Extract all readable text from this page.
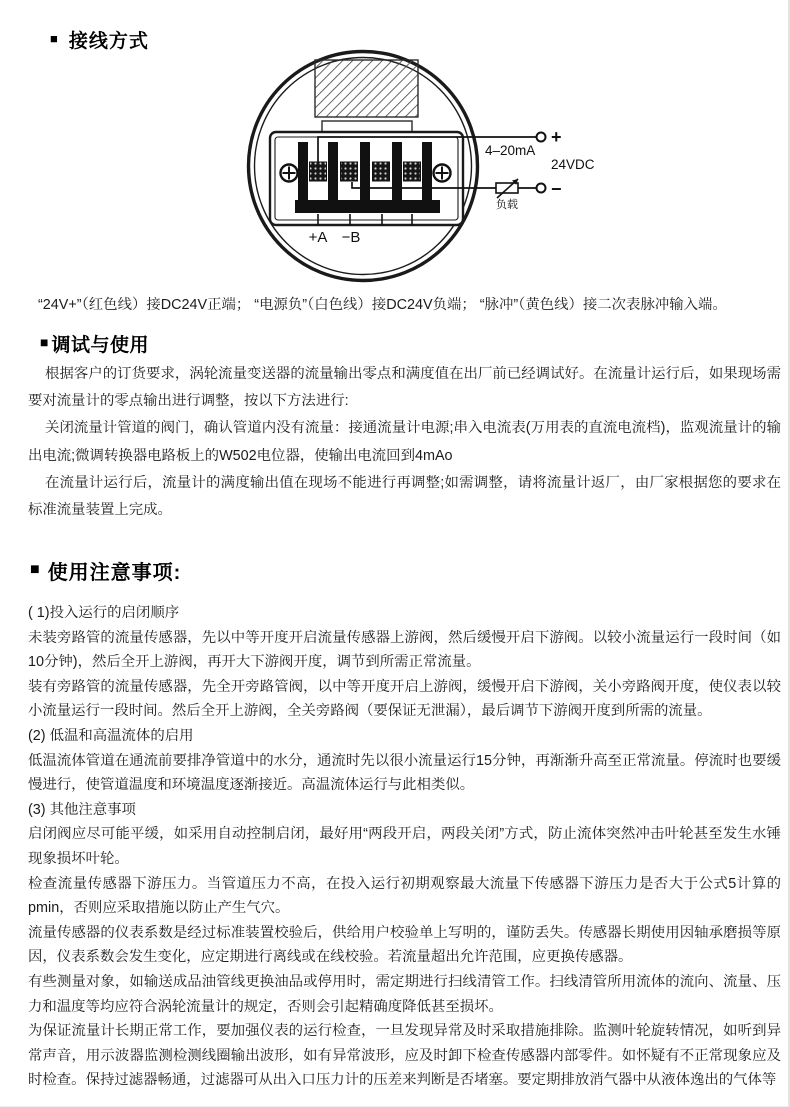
■ 接线方式
+A −B
负载
+
−
4–20mA
24VDC

“24V+”（红色线）接DC24V正端； “电源负”（白色线）接DC24V负端； “脉冲”（黄色线）接二次表脉冲输入端。

■ 调试与使用

根据客户的订货要求，涡轮流量变送器的流量输出零点和满度值在出厂前已经调试好。在流量计运行后，如果现场需要对流量计的零点输出进行调整，按以下方法进行:

关闭流量计管道的阀门，确认管道内没有流量：接通流量计电源;串入电流表(万用表的直流电流档)，监观流量计的输出电流;微调转换器电路板上的W502电位器，使输出电流回到4mAo

在流量计运行后，流量计的满度输出值在现场不能进行再调整;如需调整，请将流量计返厂，由厂家根据您的要求在标准流量装置上完成。

■ 使用注意事项:

( 1)投入运行的启闭顺序

未装旁路管的流量传感器，先以中等开度开启流量传感器上游阀，然后缓慢开启下游阀。以较小流量运行一段时间（如10分钟)，然后全开上游阀，再开大下游阀开度，调节到所需正常流量。

装有旁路管的流量传感器，先全开旁路管阀，以中等开度开启上游阀，缓慢开启下游阀，关小旁路阀开度，使仪表以较小流量运行一段时间。然后全开上游阀，全关旁路阀（要保证无泄漏），最后调节下游阀开度到所需的流量。

(2) 低温和高温流体的启用

低温流体管道在通流前要排净管道中的水分，通流时先以很小流量运行15分钟，再渐渐升高至正常流量。停流时也要缓慢进行，使管道温度和环境温度逐渐接近。高温流体运行与此相类似。

(3) 其他注意事项

启闭阀应尽可能平缓，如采用自动控制启闭，最好用“两段开启，两段关闭”方式，防止流体突然冲击叶轮甚至发生水锤现象损坏叶轮。

检查流量传感器下游压力。当管道压力不高，在投入运行初期观察最大流量下传感器下游压力是否大于公式5计算的pmin，否则应采取措施以防止产生气穴。

流量传感器的仪表系数是经过标准装置校验后，供给用户校验单上写明的，谨防丢失。传感器长期使用因轴承磨损等原因，仪表系数会发生变化，应定期进行离线或在线校验。若流量超出允许范围，应更换传感器。

有些测量对象，如输送成品油管线更换油品或停用时，需定期进行扫线清管工作。扫线清管所用流体的流向、流量、压力和温度等均应符合涡轮流量计的规定，否则会引起精确度降低甚至损坏。

为保证流量计长期正常工作，要加强仪表的运行检查，一旦发现异常及时采取措施排除。监测叶轮旋转情况，如听到异常声音，用示波器监测检测线圈输出波形，如有异常波形，应及时卸下检查传感器内部零件。如怀疑有不正常现象应及时检查。保持过滤器畅通，过滤器可从出入口压力计的压差来判断是否堵塞。要定期排放消气器中从液体逸出的气体等
